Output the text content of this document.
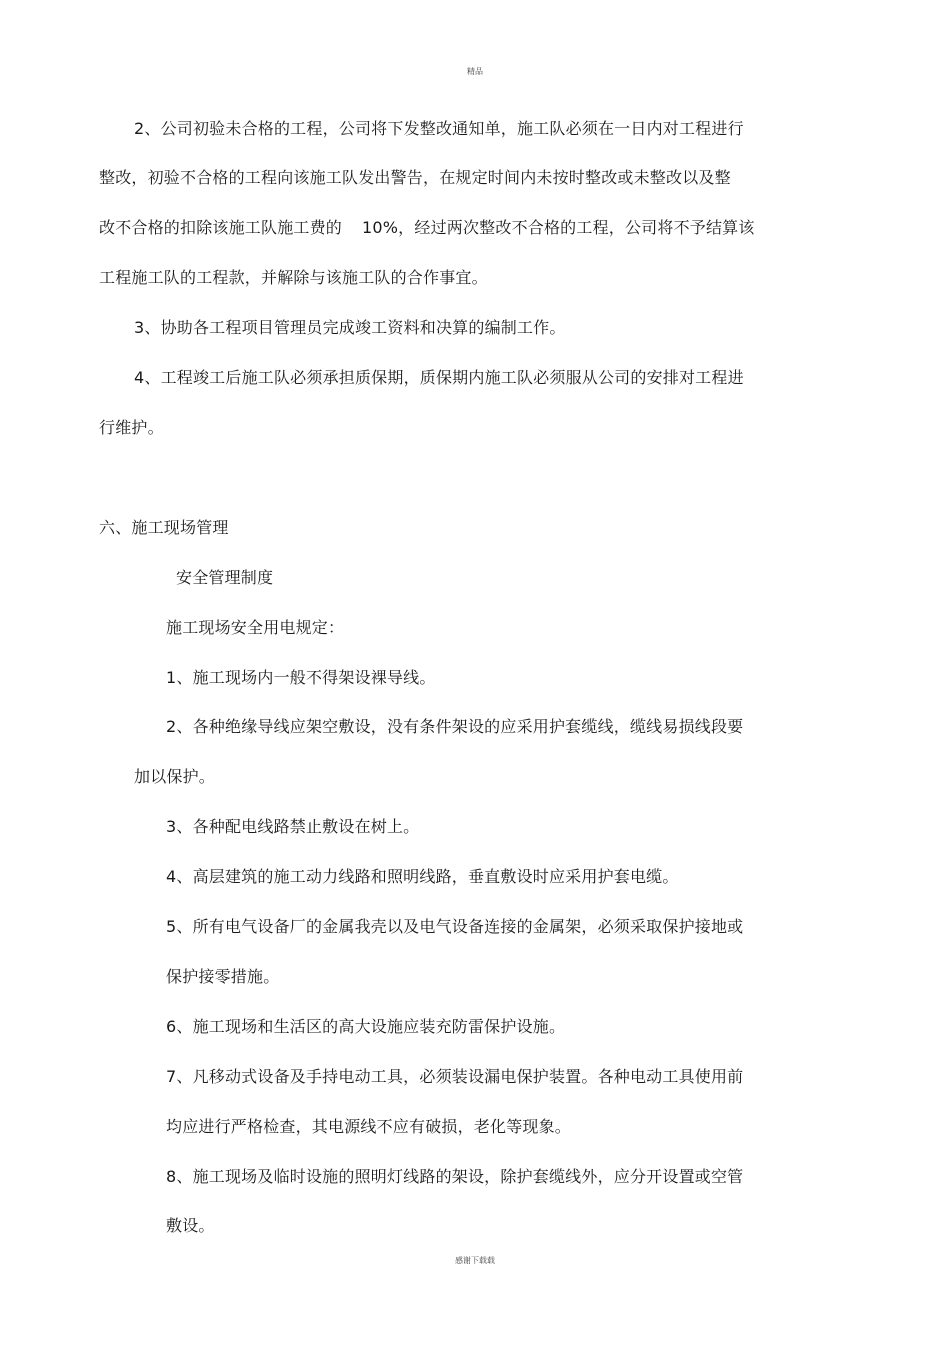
精品
2、公司初验未合格的工程，公司将下发整改通知单，施工队必须在一日内对工程进行
整改，初验不合格的工程向该施工队发出警告，在规定时间内未按时整改或未整改以及整
改不合格的扣除该施工队施工费的 10%，经过两次整改不合格的工程，公司将不予结算该
工程施工队的工程款，并解除与该施工队的合作事宜。
3、协助各工程项目管理员完成竣工资料和决算的编制工作。
4、工程竣工后施工队必须承担质保期，质保期内施工队必须服从公司的安排对工程进
行维护。
六、施工现场管理
安全管理制度
施工现场安全用电规定：
1、施工现场内一般不得架设裸导线。
2、各种绝缘导线应架空敷设，没有条件架设的应采用护套缆线，缆线易损线段要
加以保护。
3、各种配电线路禁止敷设在树上。
4、高层建筑的施工动力线路和照明线路，垂直敷设时应采用护套电缆。
5、所有电气设备厂的金属我壳以及电气设备连接的金属架，必须采取保护接地或
保护接零措施。
6、施工现场和生活区的高大设施应装充防雷保护设施。
7、凡移动式设备及手持电动工具，必须装设漏电保护装置。各种电动工具使用前
均应进行严格检查，其电源线不应有破损，老化等现象。
8、施工现场及临时设施的照明灯线路的架设，除护套缆线外，应分开设置或空管
敷设。
感谢下载载
